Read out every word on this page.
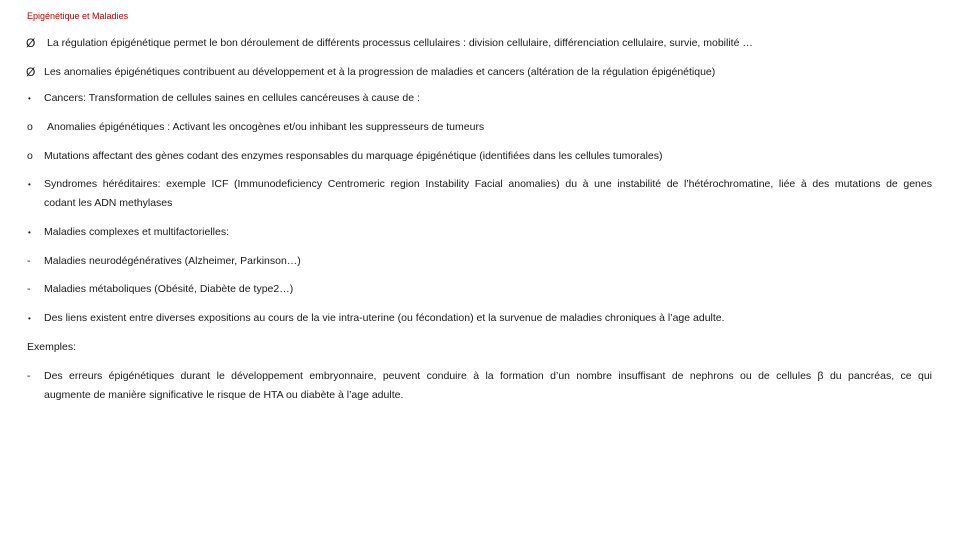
Epigénétique et Maladies
Ø	La régulation épigénétique permet le bon déroulement de différents processus cellulaires : division cellulaire, différenciation cellulaire, survie, mobilité …
Ø Les anomalies épigénétiques contribuent au développement et à la progression de maladies et cancers (altération de la régulation épigénétique)
•	Cancers: Transformation de cellules saines en cellules cancéreuses à cause de :
o	Anomalies épigénétiques : Activant les oncogènes et/ou inhibant les suppresseurs de tumeurs
o	Mutations affectant des gènes codant des enzymes responsables du marquage épigénétique (identifiées dans les cellules tumorales)
•	Syndromes héréditaires: exemple ICF (Immunodeficiency Centromeric region Instability Facial anomalies) du à une instabilité de l’hétérochromatine, liée à des mutations de genes
codant les ADN methylases
•	Maladies complexes et multifactorielles:
-	Maladies neurodégénératives (Alzheimer, Parkinson…)
-	Maladies métaboliques (Obésité, Diabète de type2…)
•	Des liens existent entre diverses expositions au cours de la vie intra-uterine (ou fécondation) et la survenue de maladies chroniques à l’age adulte.
Exemples:
-	Des erreurs épigénétiques durant le développement embryonnaire, peuvent conduire à la formation d’un nombre insuffisant de nephrons ou de cellules β du pancréas, ce qui
augmente de manière significative le risque de HTA ou diabète à l’age adulte.
